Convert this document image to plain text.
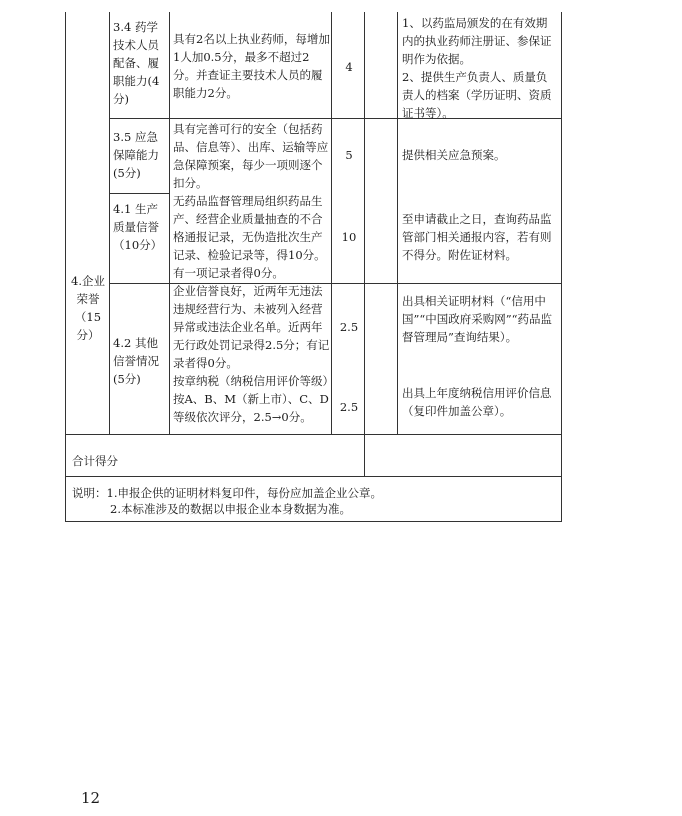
3.4 药学技术人员配备、履职能力(4分)
具有2名以上执业药师，每增加1人加0.5分，最多不超过2分。并查证主要技术人员的履职能力2分。
4
1、以药监局颁发的在有效期内的执业药师注册证、参保证明作为依据。
2、提供生产负责人、质量负责人的档案（学历证明、资质证书等）。
3.5 应急保障能力(5分)
具有完善可行的安全（包括药品、信息等）、出库、运输等应急保障预案，每少一项则逐个扣分。
5	提供相关应急预案。
4.1 生产质量信誉（10分）
无药品监督管理局组织药品生产、经营企业质量抽查的不合格通报记录，无伪造批次生产记录、检验记录等，得10分。有一项记录者得0分。
10
至申请截止之日，查询药品监管部门相关通报内容，若有则不得分。附佐证材料。
4.企业荣誉（15分）
4.2 其他信誉情况(5分)
企业信誉良好，近两年无违法违规经营行为、未被列入经营异常或违法企业名单。近两年无行政处罚记录得2.5分；有记录者得0分。
2.5
出具相关证明材料（“信用中国”“中国政府采购网”“药品监督管理局”查询结果）。
按章纳税（纳税信用评价等级）按A、B、M（新上市）、C、D等级依次评分，2.5→0分。
2.5
出具上年度纳税信用评价信息（复印件加盖公章）。
合计得分
说明：1.申报企供的证明材料复印件，每份应加盖企业公章。
2.本标准涉及的数据以申报企业本身数据为准。
12
